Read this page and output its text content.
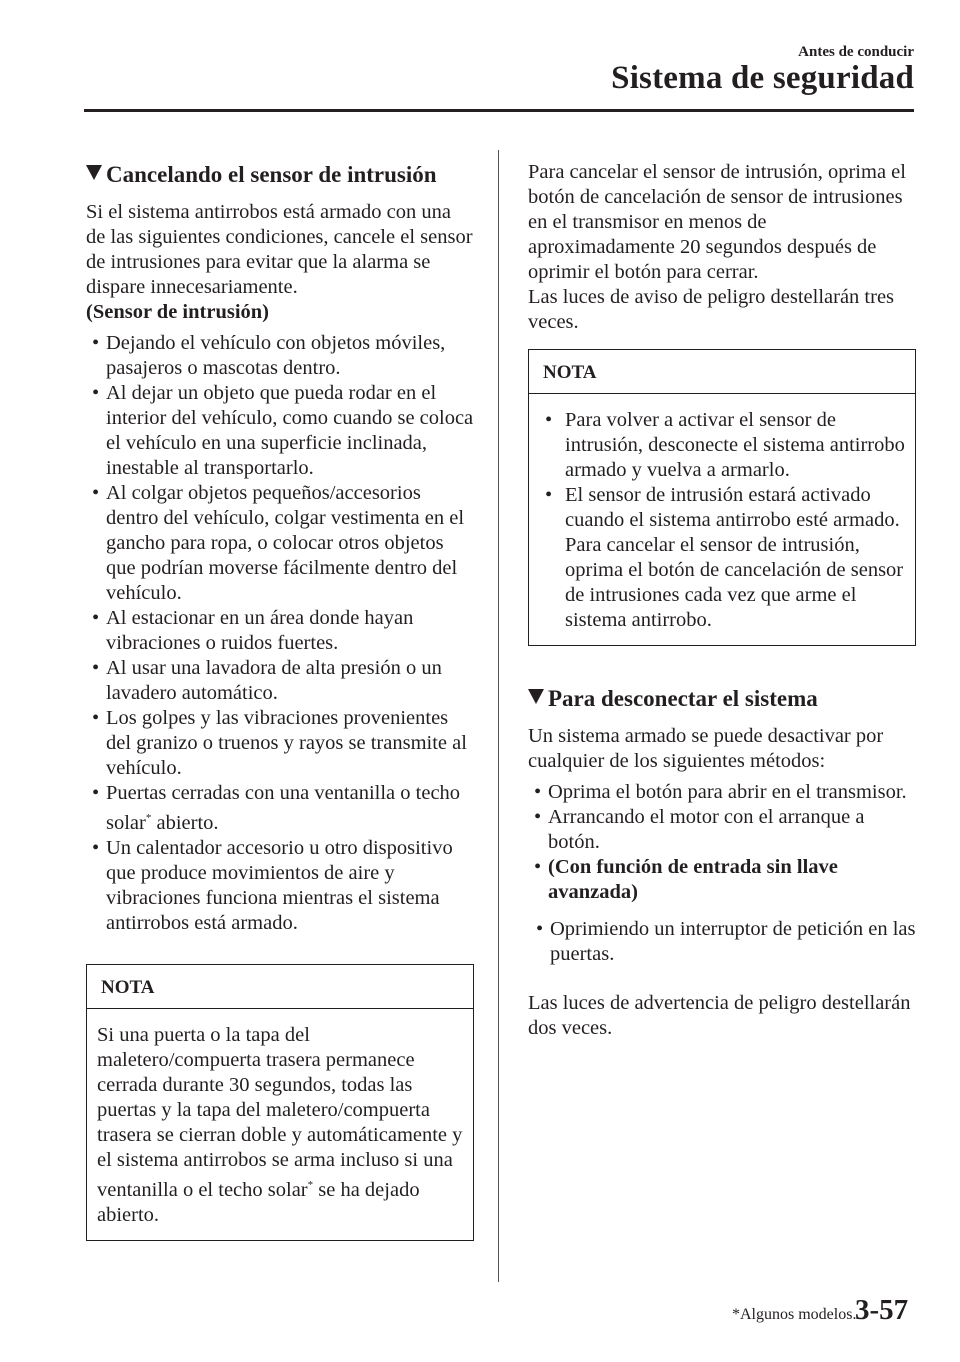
Antes de conducir
Sistema de seguridad
Cancelando el sensor de intrusión

Si el sistema antirrobos está armado con una de las siguientes condiciones, cancele el sensor de intrusiones para evitar que la alarma se dispare innecesariamente.

(Sensor de intrusión)

• Dejando el vehículo con objetos móviles, pasajeros o mascotas dentro.
• Al dejar un objeto que pueda rodar en el interior del vehículo, como cuando se coloca el vehículo en una superficie inclinada, inestable al transportarlo.
• Al colgar objetos pequeños/accesorios dentro del vehículo, colgar vestimenta en el gancho para ropa, o colocar otros objetos que podrían moverse fácilmente dentro del vehículo.
• Al estacionar en un área donde hayan vibraciones o ruidos fuertes.
• Al usar una lavadora de alta presión o un lavadero automático.
• Los golpes y las vibraciones provenientes del granizo o truenos y rayos se transmite al vehículo.
• Puertas cerradas con una ventanilla o techo solar* abierto.
• Un calentador accesorio u otro dispositivo que produce movimientos de aire y vibraciones funciona mientras el sistema antirrobos está armado.
NOTA
Si una puerta o la tapa del maletero/compuerta trasera permanece cerrada durante 30 segundos, todas las puertas y la tapa del maletero/compuerta trasera se cierran doble y automáticamente y el sistema antirrobos se arma incluso si una ventanilla o el techo solar* se ha dejado abierto.

Para cancelar el sensor de intrusión, oprima el botón de cancelación de sensor de intrusiones en el transmisor en menos de aproximadamente 20 segundos después de oprimir el botón para cerrar.

Las luces de aviso de peligro destellarán tres veces.

NOTA
• Para volver a activar el sensor de intrusión, desconecte el sistema antirrobo armado y vuelva a armarlo.
• El sensor de intrusión estará activado cuando el sistema antirrobo esté armado. Para cancelar el sensor de intrusión, oprima el botón de cancelación de sensor de intrusiones cada vez que arme el sistema antirrobo.
Para desconectar el sistema

Un sistema armado se puede desactivar por cualquier de los siguientes métodos:

• Oprima el botón para abrir en el transmisor.
• Arrancando el motor con el arranque a botón.
• (Con función de entrada sin llave avanzada)
• Oprimiendo un interruptor de petición en las puertas.

Las luces de advertencia de peligro destellarán dos veces.

*Algunos modelos.
3-57
